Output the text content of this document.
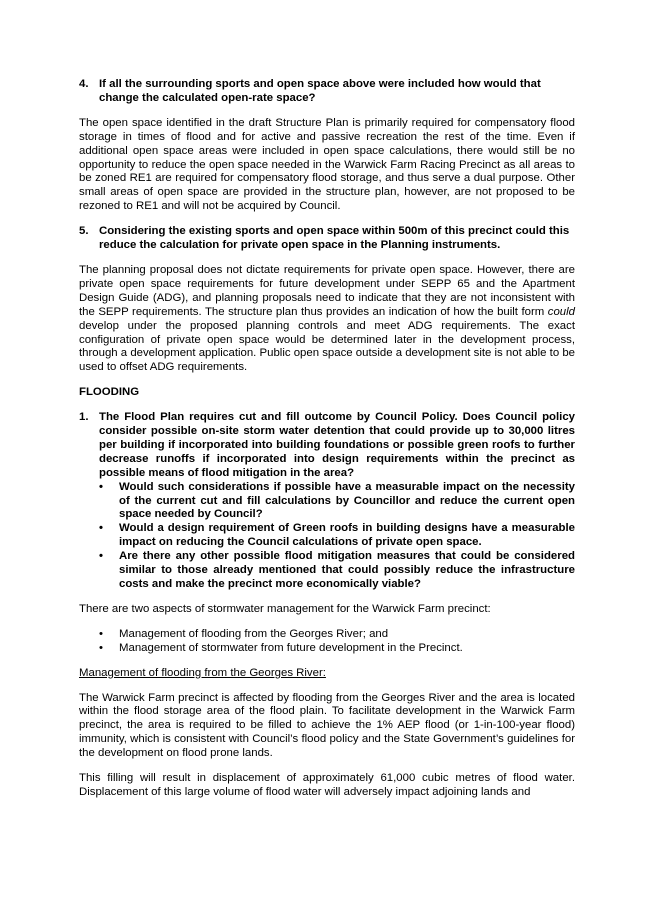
4. If all the surrounding sports and open space above were included how would that change the calculated open-rate space?

The open space identified in the draft Structure Plan is primarily required for compensatory flood storage in times of flood and for active and passive recreation the rest of the time. Even if additional open space areas were included in open space calculations, there would still be no opportunity to reduce the open space needed in the Warwick Farm Racing Precinct as all areas to be zoned RE1 are required for compensatory flood storage, and thus serve a dual purpose. Other small areas of open space are provided in the structure plan, however, are not proposed to be rezoned to RE1 and will not be acquired by Council.

5. Considering the existing sports and open space within 500m of this precinct could this reduce the calculation for private open space in the Planning instruments.

The planning proposal does not dictate requirements for private open space. However, there are private open space requirements for future development under SEPP 65 and the Apartment Design Guide (ADG), and planning proposals need to indicate that they are not inconsistent with the SEPP requirements. The structure plan thus provides an indication of how the built form could develop under the proposed planning controls and meet ADG requirements. The exact configuration of private open space would be determined later in the development process, through a development application. Public open space outside a development site is not able to be used to offset ADG requirements.

FLOODING

1. The Flood Plan requires cut and fill outcome by Council Policy. Does Council policy consider possible on-site storm water detention that could provide up to 30,000 litres per building if incorporated into building foundations or possible green roofs to further decrease runoffs if incorporated into design requirements within the precinct as possible means of flood mitigation in the area?
•	Would such considerations if possible have a measurable impact on the necessity of the current cut and fill calculations by Councillor and reduce the current open space needed by Council?
•	Would a design requirement of Green roofs in building designs have a measurable impact on reducing the Council calculations of private open space.
•	Are there any other possible flood mitigation measures that could be considered similar to those already mentioned that could possibly reduce the infrastructure costs and make the precinct more economically viable?

There are two aspects of stormwater management for the Warwick Farm precinct:

•	Management of flooding from the Georges River; and
•	Management of stormwater from future development in the Precinct.

Management of flooding from the Georges River:

The Warwick Farm precinct is affected by flooding from the Georges River and the area is located within the flood storage area of the flood plain. To facilitate development in the Warwick Farm precinct, the area is required to be filled to achieve the 1% AEP flood (or 1-in-100-year flood) immunity, which is consistent with Council’s flood policy and the State Government’s guidelines for the development on flood prone lands.

This filling will result in displacement of approximately 61,000 cubic metres of flood water. Displacement of this large volume of flood water will adversely impact adjoining lands and
